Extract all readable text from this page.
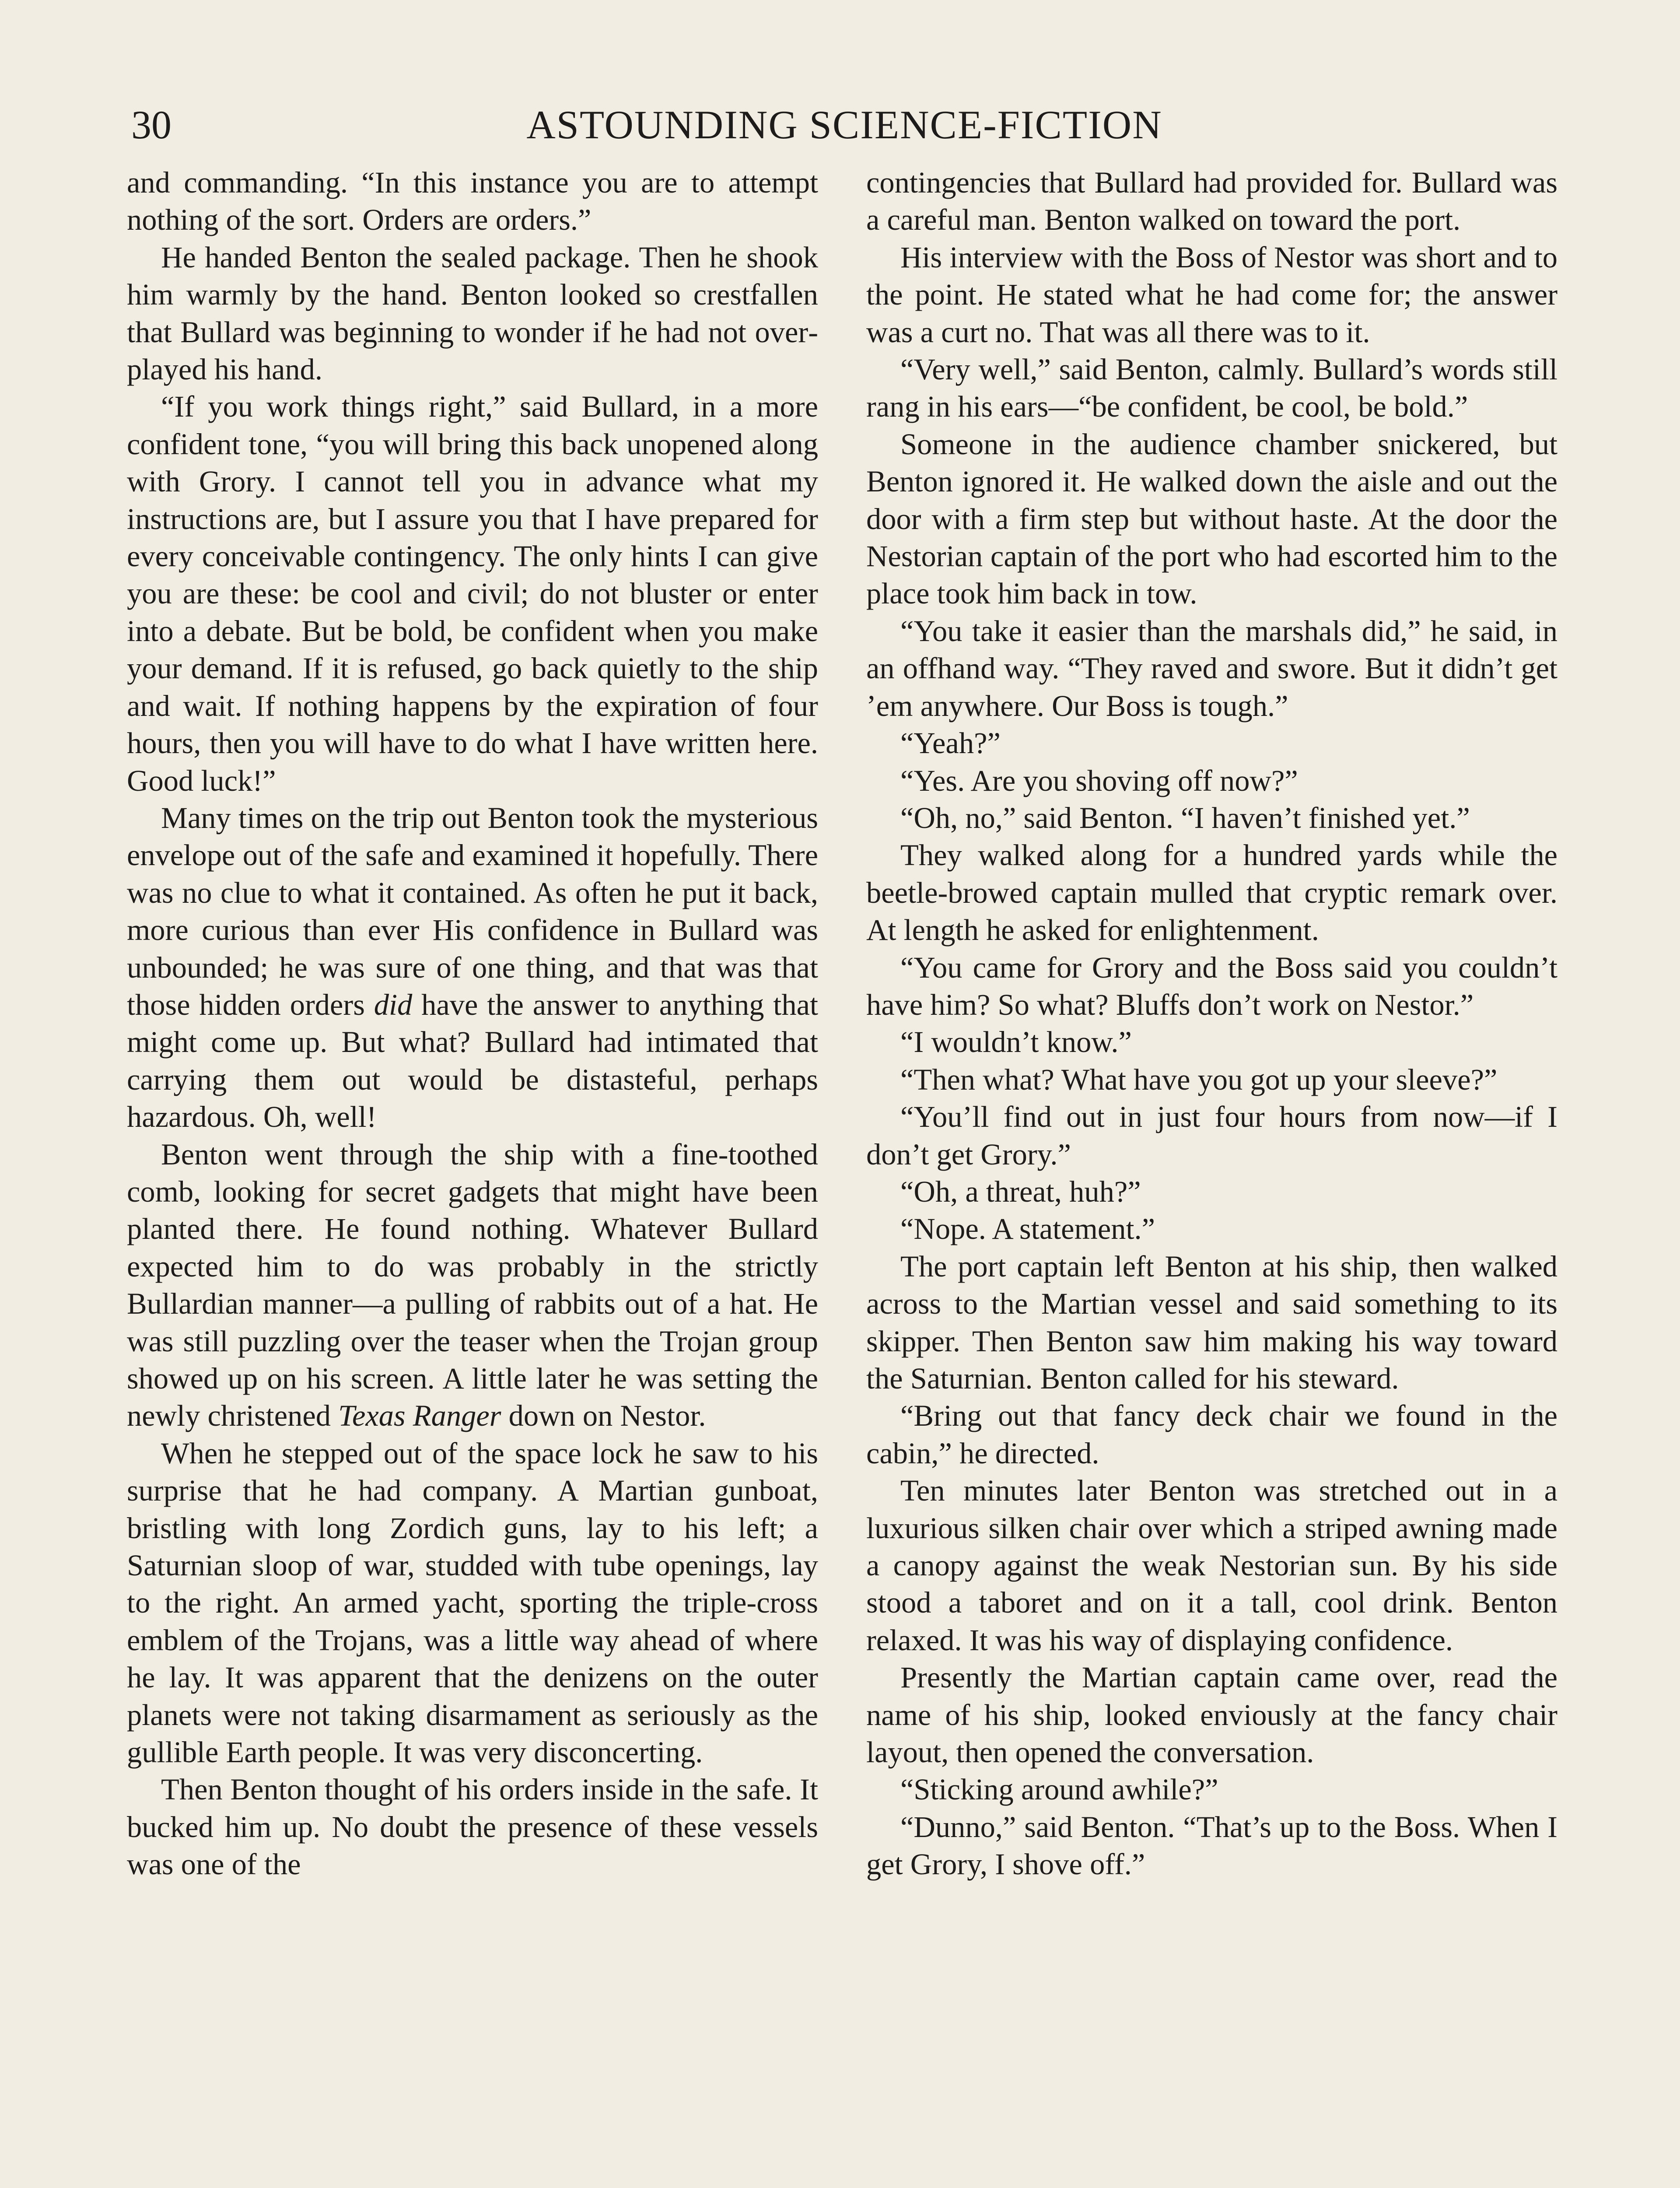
30	ASTOUNDING SCIENCE-FICTION

and commanding. “In this instance you are to attempt nothing of the sort. Orders are orders.”

He handed Benton the sealed package. Then he shook him warmly by the hand. Benton looked so crestfallen that Bullard was beginning to wonder if he had not overplayed his hand.

“If you work things right,” said Bullard, in a more confident tone, “you will bring this back unopened along with Grory. I cannot tell you in advance what my instructions are, but I assure you that I have prepared for every conceivable contingency. The only hints I can give you are these: be cool and civil; do not bluster or enter into a debate. But be bold, be confident when you make your demand. If it is refused, go back quietly to the ship and wait. If nothing happens by the expiration of four hours, then you will have to do what I have written here. Good luck!”

Many times on the trip out Benton took the mysterious envelope out of the safe and examined it hopefully. There was no clue to what it contained. As often he put it back, more curious than ever His confidence in Bullard was unbounded; he was sure of one thing, and that was that those hidden orders did have the answer to anything that might come up. But what? Bullard had intimated that carrying them out would be distasteful, perhaps hazardous. Oh, well!

Benton went through the ship with a fine-toothed comb, looking for secret gadgets that might have been planted there. He found nothing. Whatever Bullard expected him to do was probably in the strictly Bullardian manner—a pulling of rabbits out of a hat. He was still puzzling over the teaser when the Trojan group showed up on his screen. A little later he was setting the newly christened Texas Ranger down on Nestor.

When he stepped out of the space lock he saw to his surprise that he had company. A Martian gunboat, bristling with long Zordich guns, lay to his left; a Saturnian sloop of war, studded with tube openings, lay to the right. An armed yacht, sporting the triple-cross emblem of the Trojans, was a little way ahead of where he lay. It was apparent that the denizens on the outer planets were not taking disarmament as seriously as the gullible Earth people. It was very disconcerting.

Then Benton thought of his orders inside in the safe. It bucked him up. No doubt the presence of these vessels was one of the

contingencies that Bullard had provided for. Bullard was a careful man. Benton walked on toward the port.

His interview with the Boss of Nestor was short and to the point. He stated what he had come for; the answer was a curt no. That was all there was to it.

“Very well,” said Benton, calmly. Bullard’s words still rang in his ears—“be confident, be cool, be bold.”

Someone in the audience chamber snickered, but Benton ignored it. He walked down the aisle and out the door with a firm step but without haste. At the door the Nestorian captain of the port who had escorted him to the place took him back in tow.

“You take it easier than the marshals did,” he said, in an offhand way. “They raved and swore. But it didn’t get ’em anywhere. Our Boss is tough.”

“Yeah?”

“Yes. Are you shoving off now?”

“Oh, no,” said Benton. “I haven’t finished yet.”

They walked along for a hundred yards while the beetle-browed captain mulled that cryptic remark over. At length he asked for enlightenment.

“You came for Grory and the Boss said you couldn’t have him? So what? Bluffs don’t work on Nestor.”

“I wouldn’t know.”

“Then what? What have you got up your sleeve?”

“You’ll find out in just four hours from now—if I don’t get Grory.”

“Oh, a threat, huh?”

“Nope. A statement.”

The port captain left Benton at his ship, then walked across to the Martian vessel and said something to its skipper. Then Benton saw him making his way toward the Saturnian. Benton called for his steward.

“Bring out that fancy deck chair we found in the cabin,” he directed.

Ten minutes later Benton was stretched out in a luxurious silken chair over which a striped awning made a canopy against the weak Nestorian sun. By his side stood a taboret and on it a tall, cool drink. Benton relaxed. It was his way of displaying confidence.

Presently the Martian captain came over, read the name of his ship, looked enviously at the fancy chair layout, then opened the conversation.

“Sticking around awhile?”

“Dunno,” said Benton. “That’s up to the Boss. When I get Grory, I shove off.”
